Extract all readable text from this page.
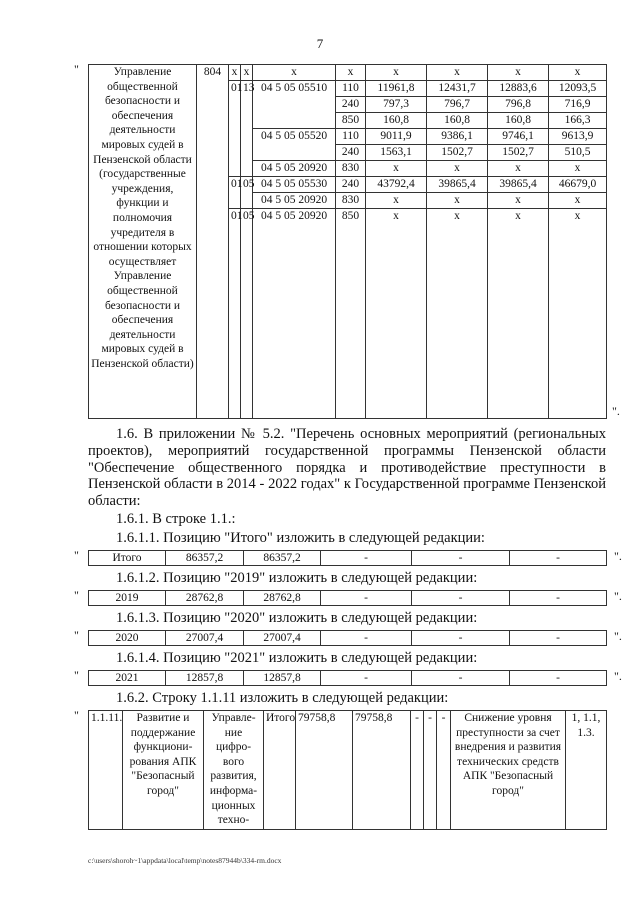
7
"	Управление общественной безопасности и обеспечения деятельности мировых судей в Пензенской области (государственные учреждения, функции и полномочия учредителя в отношении которых осуществляет Управление общественной безопасности и обеспечения деятельности мировых судей в Пензенской области)	804	x	x	x	x	x	x	x	x
		01	13	04 5 05 05510	110	11961,8	12431,7	12883,6	12093,5
					240	797,3	796,7	796,8	716,9
					850	160,8	160,8	160,8	166,3
				04 5 05 05520	110	9011,9	9386,1	9746,1	9613,9
					240	1563,1	1502,7	1502,7	510,5
				04 5 05 20920	830	x	x	x	x
		01	05	04 5 05 05530	240	43792,4	39865,4	39865,4	46679,0
				04 5 05 20920	830	x	x	x	x
		01	05	04 5 05 20920	850	x	x	x	x
".
1.6. В приложении № 5.2. "Перечень основных мероприятий (региональных проектов), мероприятий государственной программы Пензенской области "Обеспечение общественного порядка и противодействие преступности в Пензенской области в 2014 - 2022 годах" к Государственной программе Пензенской области:
1.6.1. В строке 1.1.:
1.6.1.1. Позицию "Итого" изложить в следующей редакции:
"	Итого	86357,2	86357,2	-	-	-	".
1.6.1.2. Позицию "2019" изложить в следующей редакции:
"	2019	28762,8	28762,8	-	-	-	".
1.6.1.3. Позицию "2020" изложить в следующей редакции:
"	2020	27007,4	27007,4	-	-	-	".
1.6.1.4. Позицию "2021" изложить в следующей редакции:
"	2021	12857,8	12857,8	-	-	-	".
1.6.2. Строку 1.1.11 изложить в следующей редакции:
" 1.1.11.	Развитие и поддержание функциони-рования АПК "Безопасный город"	Управле-ние цифро-вого развития, информа-ционных техно-	Итого	79758,8	79758,8	-	-	-	Снижение уровня преступности за счет внедрения и развития технических средств АПК "Безопасный город"	1, 1.1, 1.3.
c:\users\shoroh~1\appdata\local\temp\notes87944b\334-rm.docx
